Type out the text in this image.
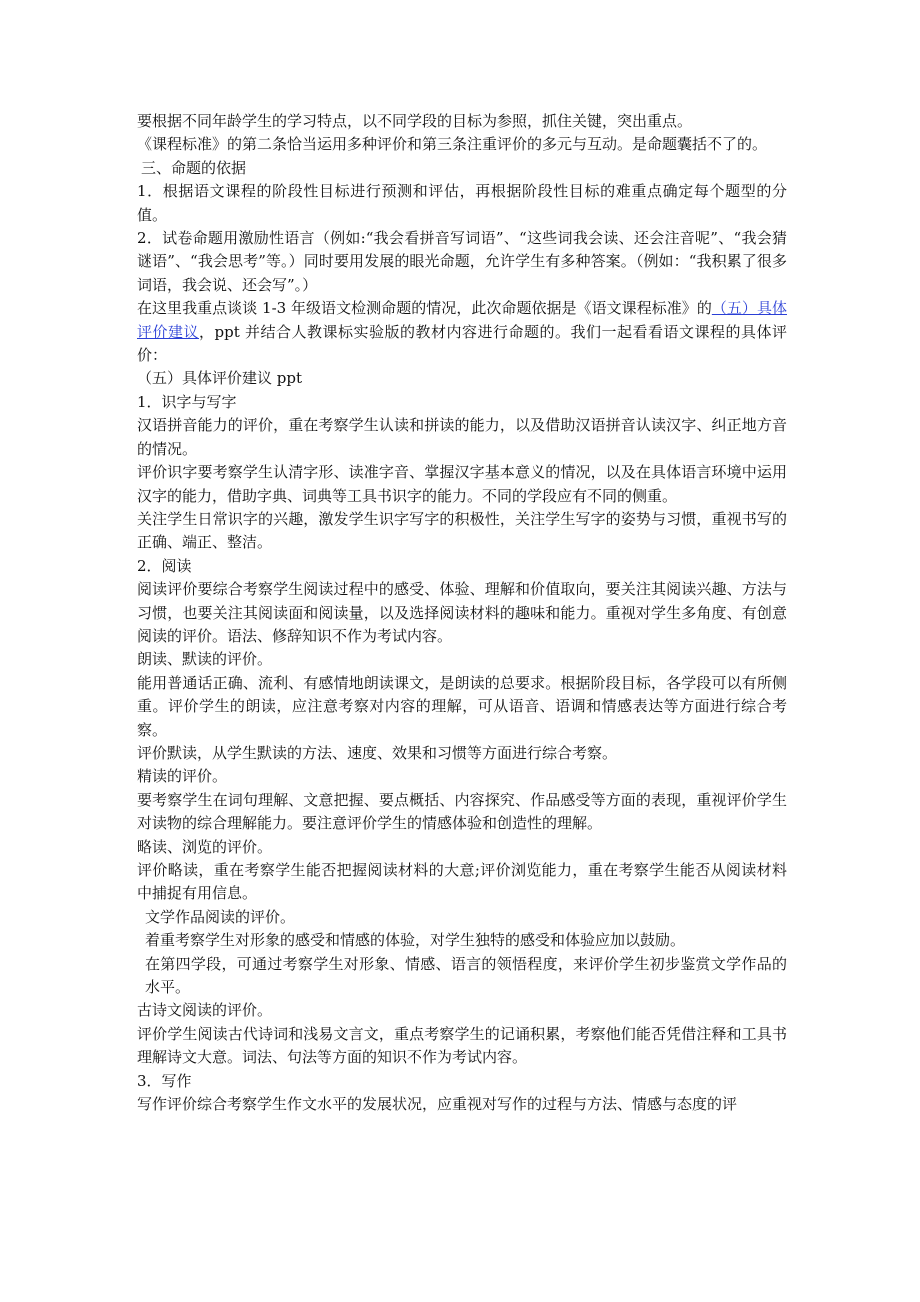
要根据不同年龄学生的学习特点，以不同学段的目标为参照，抓住关键，突出重点。

《课程标准》的第二条恰当运用多种评价和第三条注重评价的多元与互动。是命题囊括不了的。

三、命题的依据

1．根据语文课程的阶段性目标进行预测和评估，再根据阶段性目标的难重点确定每个题型的分值。

2．试卷命题用激励性语言（例如:“我会看拼音写词语”、“这些词我会读、还会注音呢”、“我会猜谜语”、“我会思考”等。）同时要用发展的眼光命题，允许学生有多种答案。（例如：“我积累了很多词语，我会说、还会写”。）

在这里我重点谈谈 1-3 年级语文检测命题的情况，此次命题依据是《语文课程标准》的（五）具体评价建议，ppt 并结合人教课标实验版的教材内容进行命题的。我们一起看看语文课程的具体评价：

（五）具体评价建议 ppt

1．识字与写字

汉语拼音能力的评价，重在考察学生认读和拼读的能力，以及借助汉语拼音认读汉字、纠正地方音的情况。

评价识字要考察学生认清字形、读准字音、掌握汉字基本意义的情况，以及在具体语言环境中运用汉字的能力，借助字典、词典等工具书识字的能力。不同的学段应有不同的侧重。

关注学生日常识字的兴趣，激发学生识字写字的积极性，关注学生写字的姿势与习惯，重视书写的正确、端正、整洁。

2．阅读

阅读评价要综合考察学生阅读过程中的感受、体验、理解和价值取向，要关注其阅读兴趣、方法与习惯，也要关注其阅读面和阅读量，以及选择阅读材料的趣味和能力。重视对学生多角度、有创意阅读的评价。语法、修辞知识不作为考试内容。

朗读、默读的评价。

能用普通话正确、流利、有感情地朗读课文，是朗读的总要求。根据阶段目标，各学段可以有所侧重。评价学生的朗读，应注意考察对内容的理解，可从语音、语调和情感表达等方面进行综合考察。

评价默读，从学生默读的方法、速度、效果和习惯等方面进行综合考察。

精读的评价。

要考察学生在词句理解、文意把握、要点概括、内容探究、作品感受等方面的表现，重视评价学生对读物的综合理解能力。要注意评价学生的情感体验和创造性的理解。

略读、浏览的评价。

评价略读，重在考察学生能否把握阅读材料的大意;评价浏览能力，重在考察学生能否从阅读材料中捕捉有用信息。

文学作品阅读的评价。

着重考察学生对形象的感受和情感的体验，对学生独特的感受和体验应加以鼓励。

在第四学段，可通过考察学生对形象、情感、语言的领悟程度，来评价学生初步鉴赏文学作品的水平。

古诗文阅读的评价。

评价学生阅读古代诗词和浅易文言文，重点考察学生的记诵积累，考察他们能否凭借注释和工具书理解诗文大意。词法、句法等方面的知识不作为考试内容。

3．写作

写作评价综合考察学生作文水平的发展状况，应重视对写作的过程与方法、情感与态度的评
